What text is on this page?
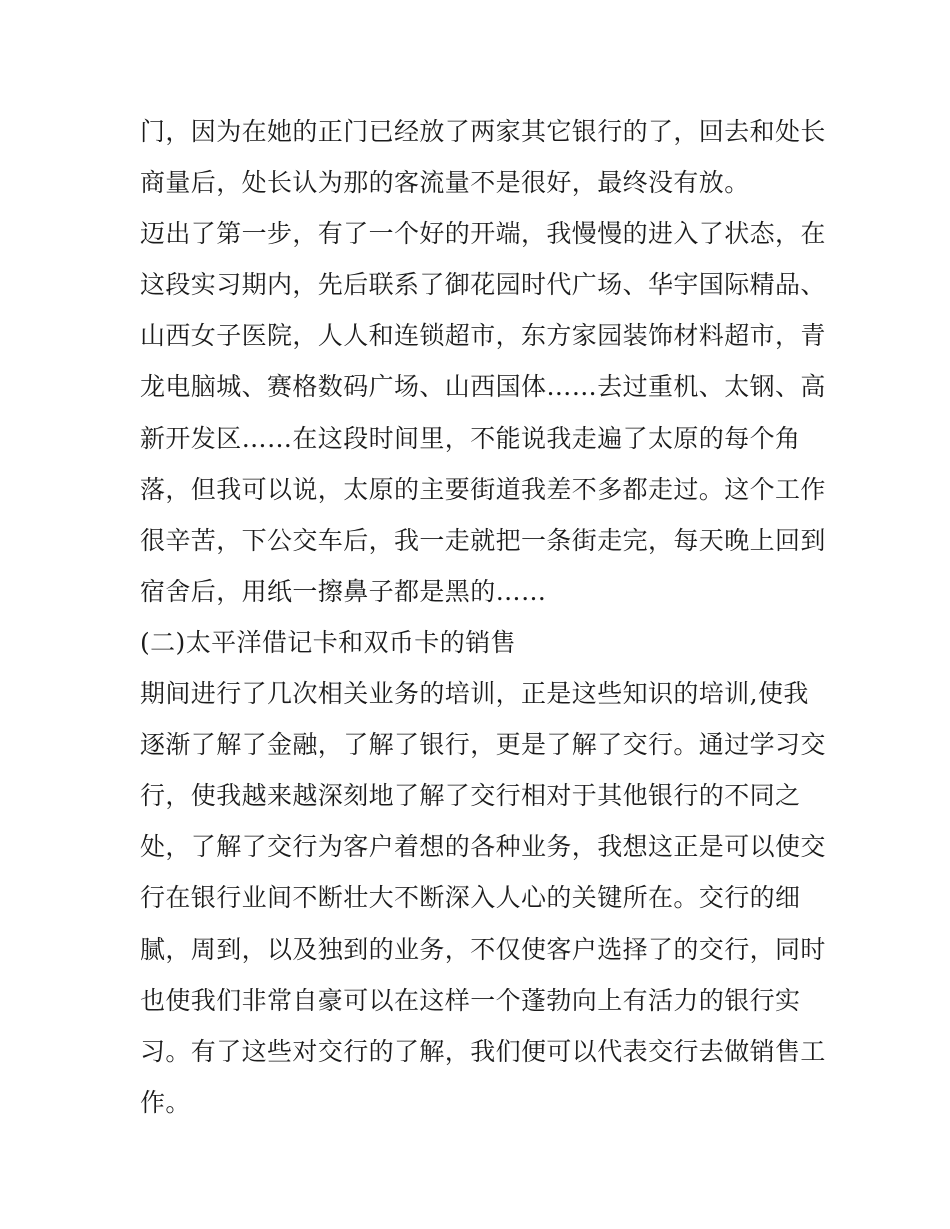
门，因为在她的正门已经放了两家其它银行的了，回去和处长
商量后，处长认为那的客流量不是很好，最终没有放。
迈出了第一步，有了一个好的开端，我慢慢的进入了状态，在
这段实习期内，先后联系了御花园时代广场、华宇国际精品、
山西女子医院，人人和连锁超市，东方家园装饰材料超市，青
龙电脑城、赛格数码广场、山西国体……去过重机、太钢、高
新开发区……在这段时间里，不能说我走遍了太原的每个角
落，但我可以说，太原的主要街道我差不多都走过。这个工作
很辛苦，下公交车后，我一走就把一条街走完，每天晚上回到
宿舍后，用纸一擦鼻子都是黑的……
(二)太平洋借记卡和双币卡的销售
期间进行了几次相关业务的培训，正是这些知识的培训,使我
逐渐了解了金融，了解了银行，更是了解了交行。通过学习交
行，使我越来越深刻地了解了交行相对于其他银行的不同之
处，了解了交行为客户着想的各种业务，我想这正是可以使交
行在银行业间不断壮大不断深入人心的关键所在。交行的细
腻，周到，以及独到的业务，不仅使客户选择了的交行，同时
也使我们非常自豪可以在这样一个蓬勃向上有活力的银行实
习。有了这些对交行的了解，我们便可以代表交行去做销售工
作。
